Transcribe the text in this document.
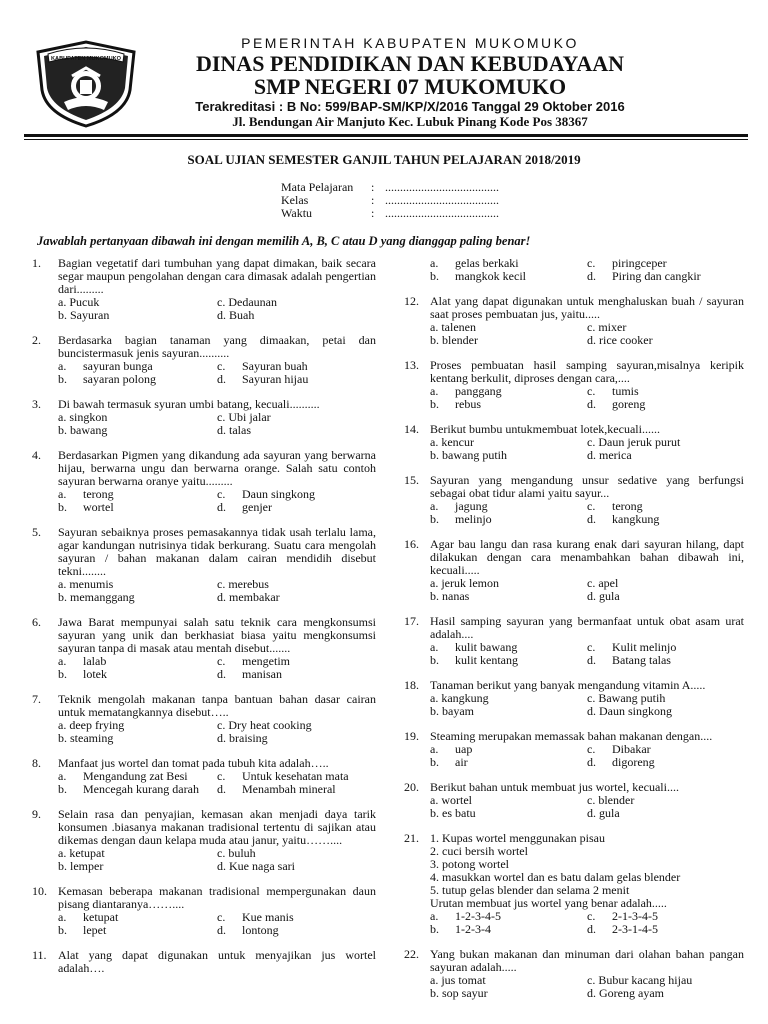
KABUPATEN MUKOMUKO
PEMERINTAH KABUPATEN MUKOMUKO
DINAS PENDIDIKAN DAN KEBUDAYAAN
SMP NEGERI 07 MUKOMUKO
Terakreditasi : B No: 599/BAP-SM/KP/X/2016 Tanggal 29 Oktober 2016
Jl. Bendungan Air Manjuto Kec. Lubuk Pinang Kode Pos 38367
SOAL UJIAN SEMESTER GANJIL TAHUN PELAJARAN 2018/2019
Mata Pelajaran : ......................................
Kelas	: ......................................
Waktu	: ......................................
Jawablah pertanyaan dibawah ini dengan memilih A, B, C atau D yang dianggap paling benar!
1. Bagian vegetatif dari tumbuhan yang dapat dimakan, baik secara segar maupun pengolahan dengan cara dimasak adalah pengertian dari.........
a. Pucuk	c. Dedaunan
b. Sayuran	d. Buah
2. Berdasarka bagian tanaman yang dimaakan, petai dan buncistermasuk jenis sayuran..........
a. sayuran bunga	c. Sayuran buah
b. sayaran polong	d. Sayuran hijau
3. Di bawah termasuk syuran umbi batang, kecuali..........
a. singkon	c. Ubi jalar
b. bawang	d. talas
4. Berdasarkan Pigmen yang dikandung ada sayuran yang berwarna hijau, berwarna ungu dan berwarna orange. Salah satu contoh sayuran berwarna oranye yaitu.........
a. terong	c. Daun singkong
b. wortel	d. genjer
5. Sayuran sebaiknya proses pemasakannya tidak usah terlalu lama, agar kandungan nutrisinya tidak berkurang. Suatu cara mengolah sayuran / bahan makanan dalam cairan mendidih disebut tekni........
a. menumis	c. merebus
b. memanggang	d. membakar
6. Jawa Barat mempunyai salah satu teknik cara mengkonsumsi sayuran yang unik dan berkhasiat biasa yaitu mengkonsumsi sayuran tanpa di masak atau mentah disebut.......
a. lalab	c. mengetim
b. lotek	d. manisan
7. Teknik mengolah makanan tanpa bantuan bahan dasar cairan untuk mematangkannya disebut…..
a. deep frying	c. Dry heat cooking
b. steaming	d. braising
8. Manfaat jus wortel dan tomat pada tubuh kita adalah…..
a. Mengandung zat Besi	c. Untuk kesehatan mata
b. Mencegah kurang darah	d. Menambah mineral
9. Selain rasa dan penyajian, kemasan akan menjadi daya tarik konsumen .biasanya makanan tradisional tertentu di sajikan atau dikemas dengan daun kelapa muda atau janur, yaitu……....
a. ketupat	c. buluh
b. lemper	d. Kue naga sari
10. Kemasan beberapa makanan tradisional mempergunakan daun pisang diantaranya……....
a. ketupat	c. Kue manis
b. lepet	d. lontong
11. Alat yang dapat digunakan untuk menyajikan jus wortel adalah….
a. gelas berkaki	c. piringceper
b. mangkok kecil	d. Piring dan cangkir
12. Alat yang dapat digunakan untuk menghaluskan buah / sayuran saat proses pembuatan jus, yaitu.....
a. talenen	c. mixer
b. blender	d. rice cooker
13. Proses pembuatan hasil samping sayuran,misalnya keripik kentang berkulit, diproses dengan cara,....
a. panggang	c. tumis
b. rebus	d. goreng
14. Berikut bumbu untukmembuat lotek,kecuali......
a. kencur	c. Daun jeruk purut
b. bawang putih	d. merica
15. Sayuran yang mengandung unsur sedative yang berfungsi sebagai obat tidur alami yaitu sayur...
a. jagung	c. terong
b. melinjo	d. kangkung
16. Agar bau langu dan rasa kurang enak dari sayuran hilang, dapt dilakukan dengan cara menambahkan bahan dibawah ini, kecuali.....
a. jeruk lemon	c. apel
b. nanas	d. gula
17. Hasil samping sayuran yang bermanfaat untuk obat asam urat adalah....
a. kulit bawang	c. Kulit melinjo
b. kulit kentang	d. Batang talas
18. Tanaman berikut yang banyak mengandung vitamin A.....
a. kangkung	c. Bawang putih
b. bayam	d. Daun singkong
19. Steaming merupakan memassak bahan makanan dengan....
a. uap	c. Dibakar
b. air	d. digoreng
20. Berikut bahan untuk membuat jus wortel, kecuali....
a. wortel	c. blender
b. es batu	d. gula
21. 1. Kupas wortel menggunakan pisau
2. cuci bersih wortel
3. potong wortel
4. masukkan wortel dan es batu dalam gelas blender
5. tutup gelas blender dan selama 2 menit
Urutan membuat jus wortel yang benar adalah.....
a. 1-2-3-4-5	c. 2-1-3-4-5
b. 1-2-3-4	d. 2-3-1-4-5
22. Yang bukan makanan dan minuman dari olahan bahan pangan sayuran adalah.....
a. jus tomat	c. Bubur kacang hijau
b. sop sayur	d. Goreng ayam
